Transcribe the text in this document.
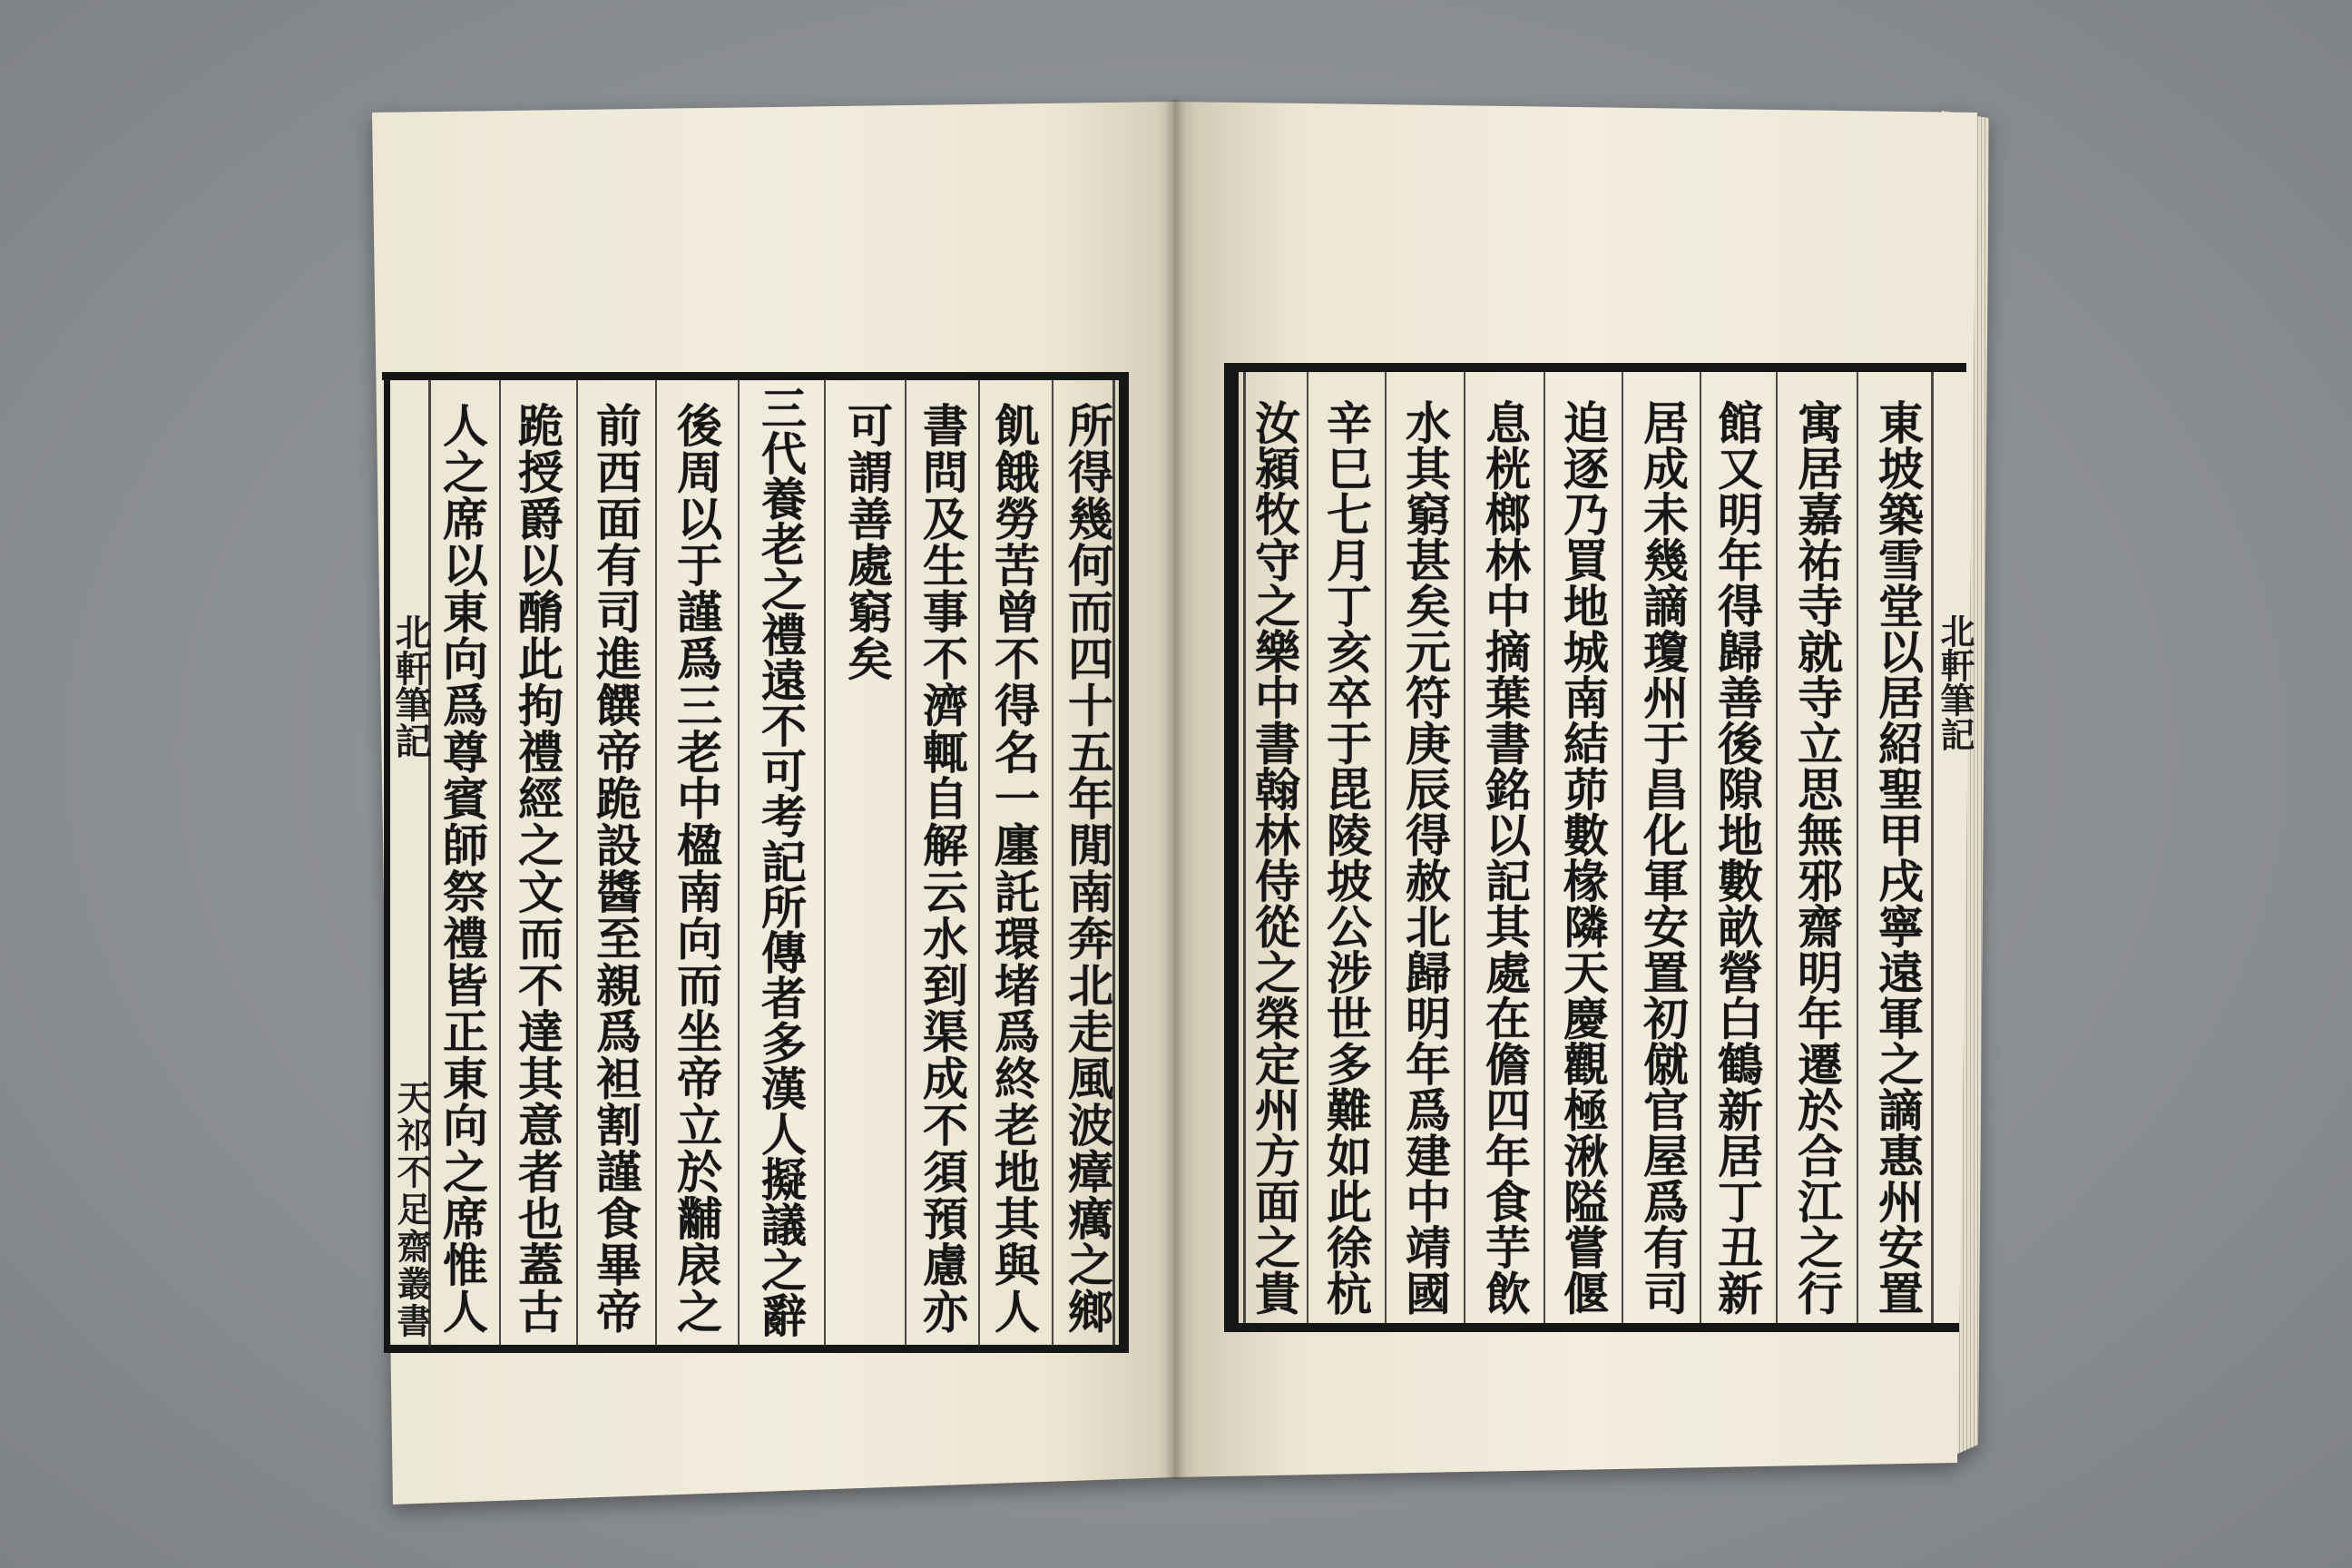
所得幾何而四十五年閒南奔北走風波瘴癘之鄉
飢餓勞苦曾不得名一廛託環堵爲終老地其與人
書問及生事不濟輒自解云水到渠成不須預慮亦
可謂善處窮矣
三代養老之禮遠不可考記所傳者多漢人擬議之辭
後周以于謹爲三老中楹南向而坐帝立於黼扆之
前西面有司進饌帝跪設醬至親爲袒割謹食畢帝
跪授爵以酳此拘禮經之文而不達其意者也蓋古
人之席以東向爲尊賓師祭禮皆正東向之席惟人
北軒筆記
天祁不足齋叢書	東坡築雪堂以居紹聖甲戌寧遠軍之謫惠州安置
寓居嘉祐寺就寺立思無邪齋明年遷於合江之行
館又明年得歸善後隙地數畝營白鶴新居丁丑新
居成未幾謫瓊州于昌化軍安置初僦官屋爲有司
迫逐乃買地城南結茆數椽隣天慶觀極湫隘嘗偃
息桄榔林中摘葉書銘以記其處在儋四年食芋飲
水其窮甚矣元符庚辰得赦北歸明年爲建中靖國
辛巳七月丁亥卒于毘陵坡公涉世多難如此徐杭
汝潁牧守之樂中書翰林侍從之榮定州方面之貴	北軒筆記
